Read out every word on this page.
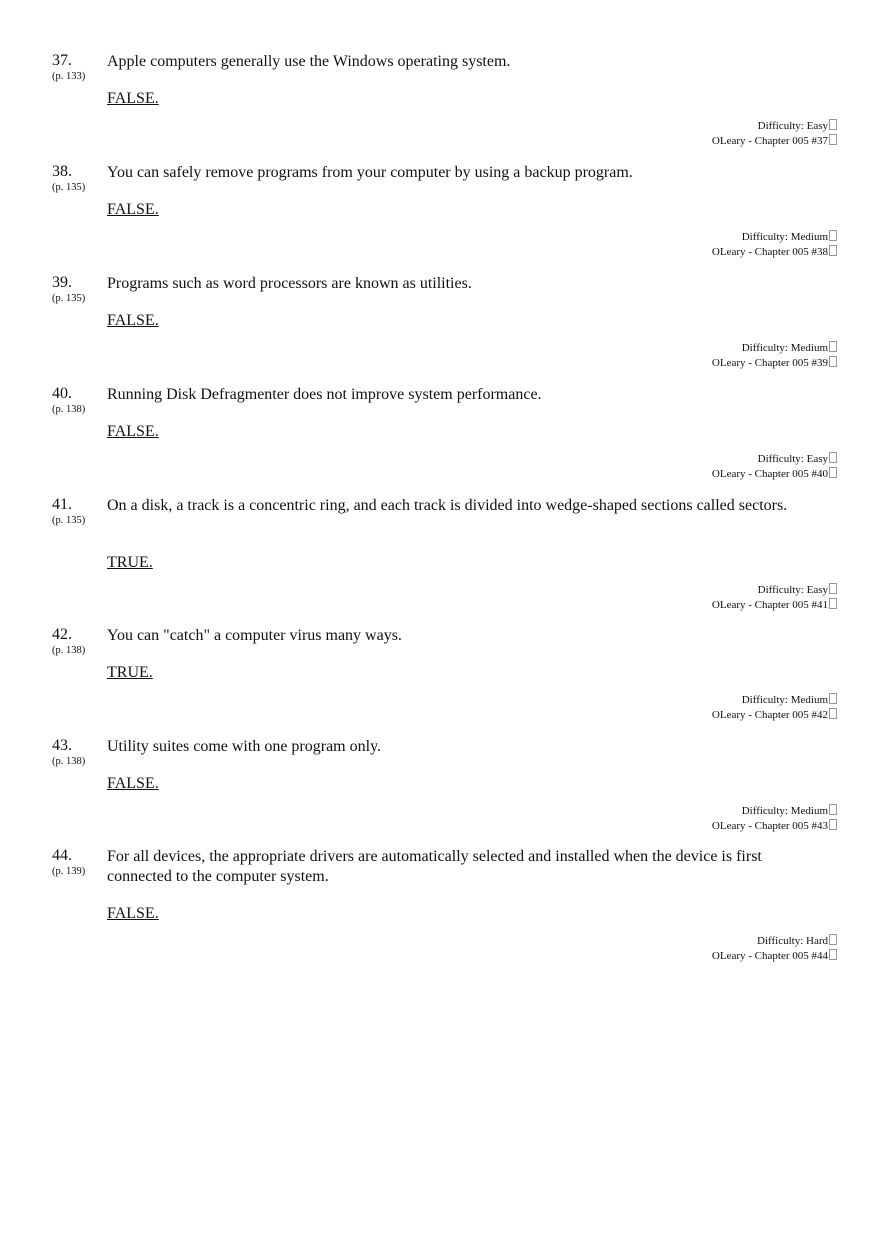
37.
(p. 133)
Apple computers generally use the Windows operating system.
FALSE.
Difficulty: Easy
OLeary - Chapter 005 #37
38.
(p. 135)
You can safely remove programs from your computer by using a backup program.
FALSE.
Difficulty: Medium
OLeary - Chapter 005 #38
39.
(p. 135)
Programs such as word processors are known as utilities.
FALSE.
Difficulty: Medium
OLeary - Chapter 005 #39
40.
(p. 138)
Running Disk Defragmenter does not improve system performance.
FALSE.
Difficulty: Easy
OLeary - Chapter 005 #40
41.
(p. 135)
On a disk, a track is a concentric ring, and each track is divided into wedge-shaped sections called sectors.
TRUE.
Difficulty: Easy
OLeary - Chapter 005 #41
42.
(p. 138)
You can "catch" a computer virus many ways.
TRUE.
Difficulty: Medium
OLeary - Chapter 005 #42
43.
(p. 138)
Utility suites come with one program only.
FALSE.
Difficulty: Medium
OLeary - Chapter 005 #43
44.
(p. 139)
For all devices, the appropriate drivers are automatically selected and installed when the device is first connected to the computer system.
FALSE.
Difficulty: Hard
OLeary - Chapter 005 #44
